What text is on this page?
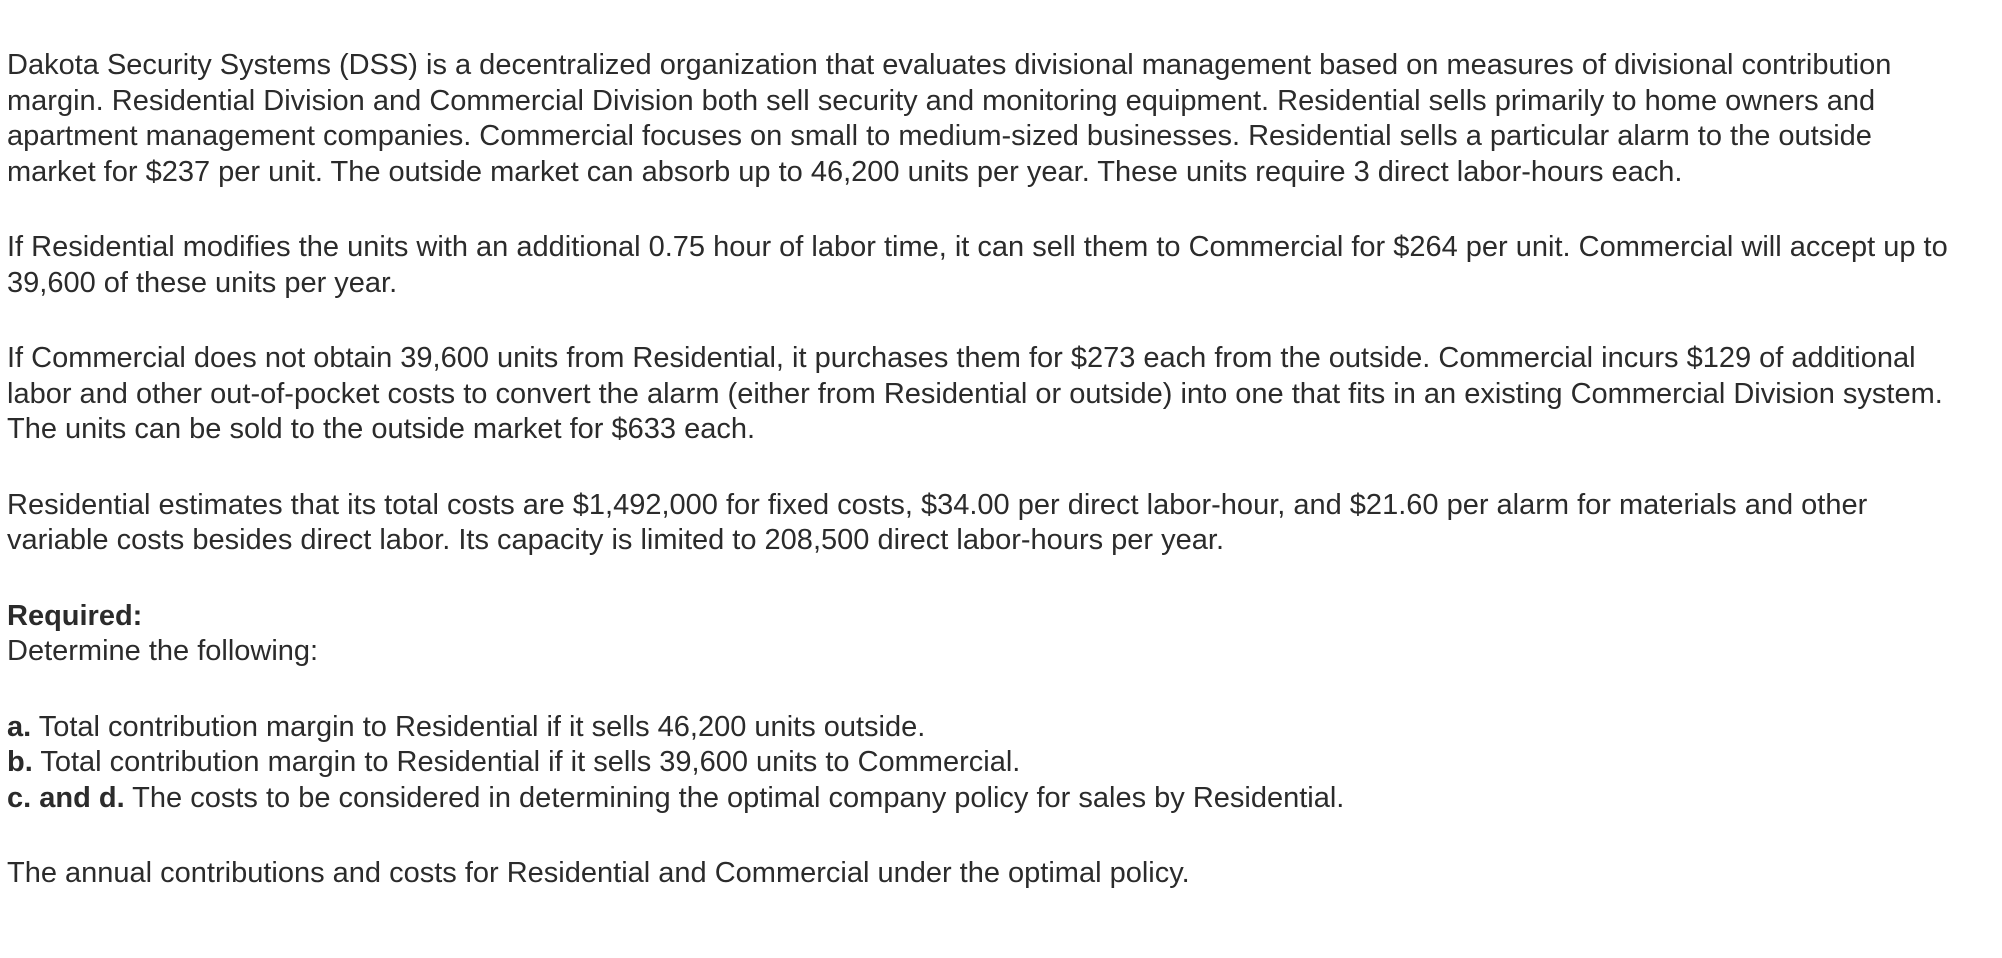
Dakota Security Systems (DSS) is a decentralized organization that evaluates divisional management based on measures of divisional contribution margin. Residential Division and Commercial Division both sell security and monitoring equipment. Residential sells primarily to home owners and apartment management companies. Commercial focuses on small to medium-sized businesses. Residential sells a particular alarm to the outside market for $237 per unit. The outside market can absorb up to 46,200 units per year. These units require 3 direct labor-hours each.

If Residential modifies the units with an additional 0.75 hour of labor time, it can sell them to Commercial for $264 per unit. Commercial will accept up to 39,600 of these units per year.

If Commercial does not obtain 39,600 units from Residential, it purchases them for $273 each from the outside. Commercial incurs $129 of additional labor and other out-of-pocket costs to convert the alarm (either from Residential or outside) into one that fits in an existing Commercial Division system. The units can be sold to the outside market for $633 each.

Residential estimates that its total costs are $1,492,000 for fixed costs, $34.00 per direct labor-hour, and $21.60 per alarm for materials and other variable costs besides direct labor. Its capacity is limited to 208,500 direct labor-hours per year.

Required:
Determine the following:
a. Total contribution margin to Residential if it sells 46,200 units outside.
b. Total contribution margin to Residential if it sells 39,600 units to Commercial.
c. and d. The costs to be considered in determining the optimal company policy for sales by Residential.

The annual contributions and costs for Residential and Commercial under the optimal policy.
